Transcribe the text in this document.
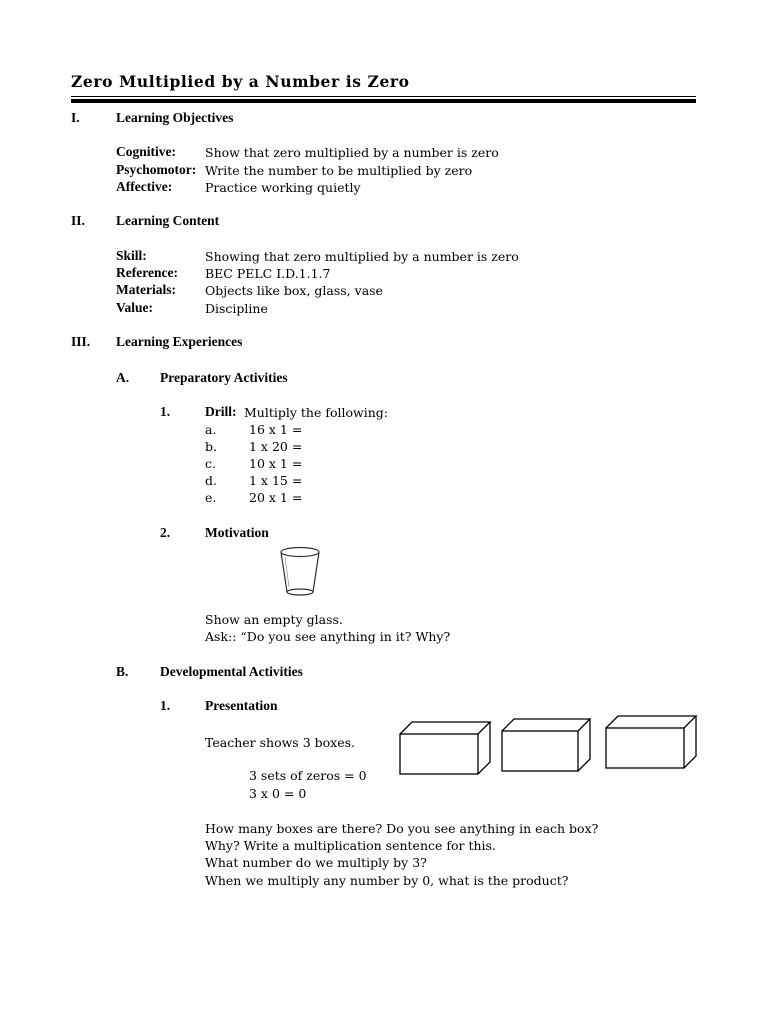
Zero Multiplied by a Number is Zero
I.	Learning Objectives
Cognitive: Show that zero multiplied by a number is zero
Psychomotor: Write the number to be multiplied by zero
Affective:	Practice working quietly
II. Learning Content
Skill:	Showing that zero multiplied by a number is zero
Reference: BEC PELC I.D.1.1.7
Materials: Objects like box, glass, vase
Value:	Discipline
III. Learning Experiences
A. Preparatory Activities
1.	Drill: Multiply the following:
a.	16 x 1 =
b.	1 x 20 =
c.	10 x 1 =
d.	1 x 15 =
e.	20 x 1 =
2.	Motivation
Show an empty glass.
Ask:: “Do you see anything in it? Why?
B. Developmental Activities
1.	Presentation
Teacher shows 3 boxes.
3 sets of zeros = 0
3 x 0 = 0
How many boxes are there? Do you see anything in each box?
Why? Write a multiplication sentence for this.
What number do we multiply by 3?
When we multiply any number by 0, what is the product?
